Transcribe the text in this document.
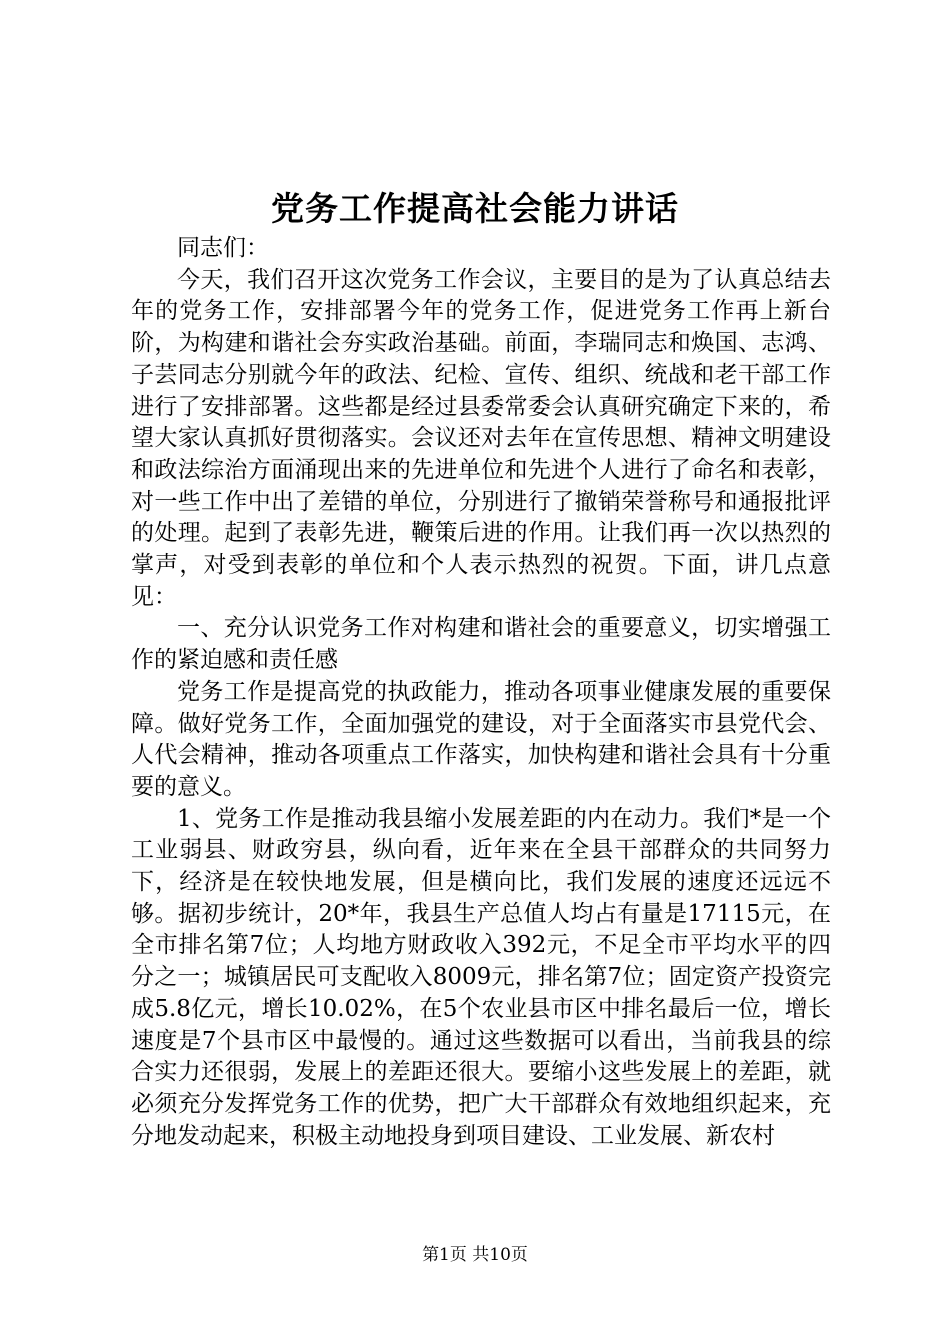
党务工作提高社会能力讲话

同志们：

今天，我们召开这次党务工作会议，主要目的是为了认真总结去年的党务工作，安排部署今年的党务工作，促进党务工作再上新台阶，为构建和谐社会夯实政治基础。前面，李瑞同志和焕国、志鸿、子芸同志分别就今年的政法、纪检、宣传、组织、统战和老干部工作进行了安排部署。这些都是经过县委常委会认真研究确定下来的，希望大家认真抓好贯彻落实。会议还对去年在宣传思想、精神文明建设和政法综治方面涌现出来的先进单位和先进个人进行了命名和表彰，对一些工作中出了差错的单位，分别进行了撤销荣誉称号和通报批评的处理。起到了表彰先进，鞭策后进的作用。让我们再一次以热烈的掌声，对受到表彰的单位和个人表示热烈的祝贺。下面，讲几点意见：

一、充分认识党务工作对构建和谐社会的重要意义，切实增强工作的紧迫感和责任感

党务工作是提高党的执政能力，推动各项事业健康发展的重要保障。做好党务工作，全面加强党的建设，对于全面落实市县党代会、人代会精神，推动各项重点工作落实，加快构建和谐社会具有十分重要的意义。

1、党务工作是推动我县缩小发展差距的内在动力。我们*是一个工业弱县、财政穷县，纵向看，近年来在全县干部群众的共同努力下，经济是在较快地发展，但是横向比，我们发展的速度还远远不够。据初步统计，20*年，我县生产总值人均占有量是17115元，在全市排名第7位；人均地方财政收入392元，不足全市平均水平的四分之一；城镇居民可支配收入8009元，排名第7位；固定资产投资完成5.8亿元，增长10.02%，在5个农业县市区中排名最后一位，增长速度是7个县市区中最慢的。通过这些数据可以看出，当前我县的综合实力还很弱，发展上的差距还很大。要缩小这些发展上的差距，就必须充分发挥党务工作的优势，把广大干部群众有效地组织起来，充分地发动起来，积极主动地投身到项目建设、工业发展、新农村

第1页 共10页
